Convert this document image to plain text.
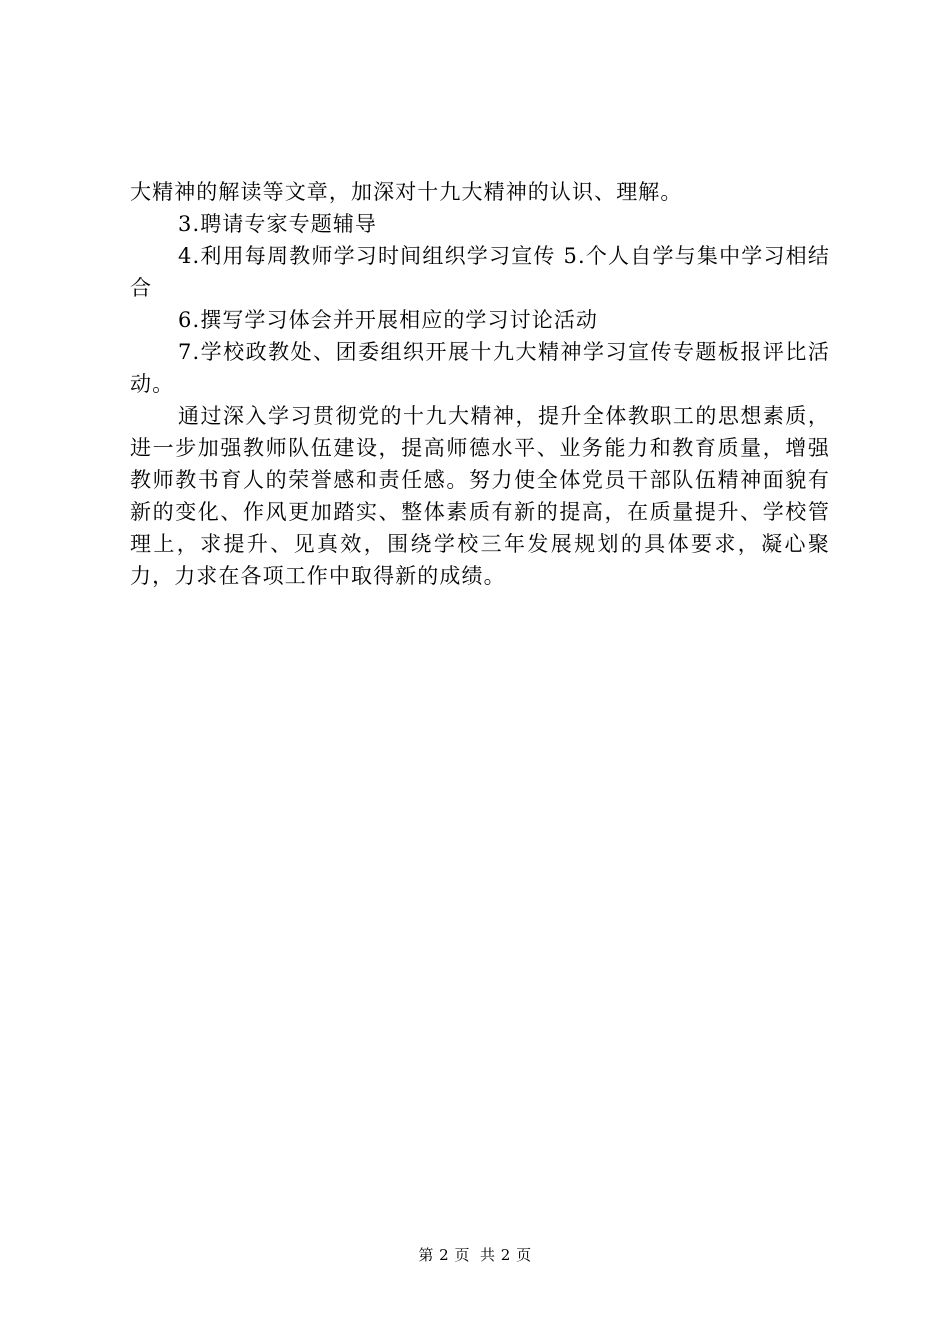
大精神的解读等文章，加深对十九大精神的认识、理解。

3.聘请专家专题辅导

4.利用每周教师学习时间组织学习宣传 5.个人自学与集中学习相结合

6.撰写学习体会并开展相应的学习讨论活动

7.学校政教处、团委组织开展十九大精神学习宣传专题板报评比活动。

通过深入学习贯彻党的十九大精神，提升全体教职工的思想素质，进一步加强教师队伍建设，提高师德水平、业务能力和教育质量，增强教师教书育人的荣誉感和责任感。努力使全体党员干部队伍精神面貌有新的变化、作风更加踏实、整体素质有新的提高，在质量提升、学校管理上，求提升、见真效，围绕学校三年发展规划的具体要求，凝心聚力，力求在各项工作中取得新的成绩。

第 2 页 共 2 页
